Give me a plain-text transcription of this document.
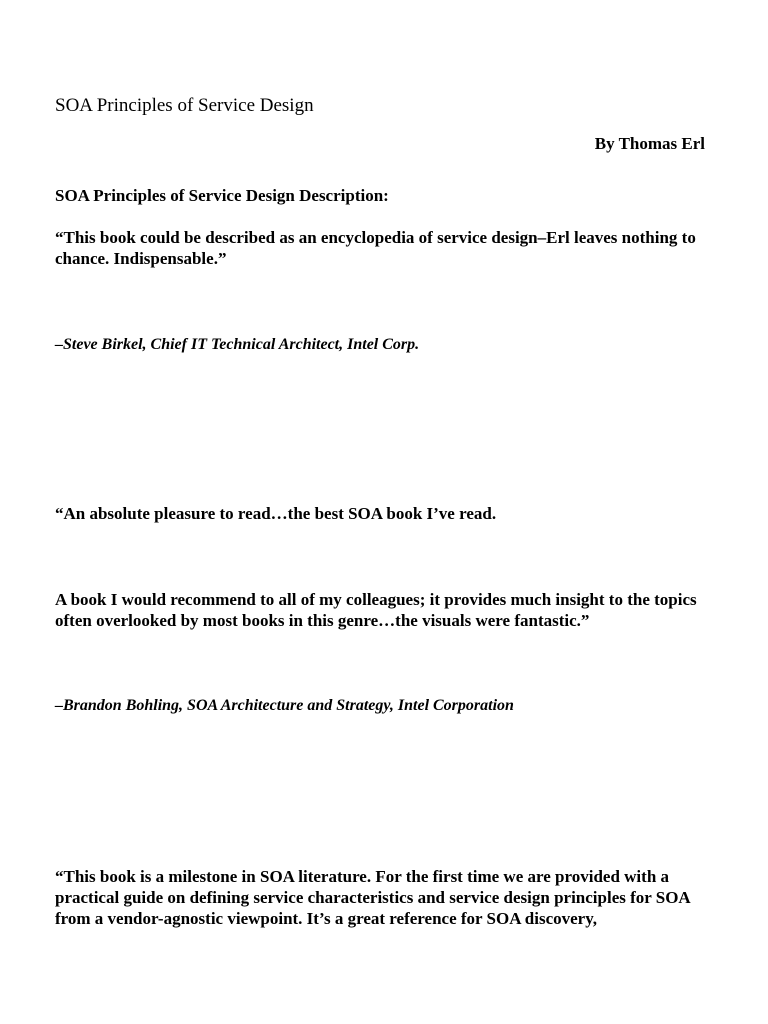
SOA Principles of Service Design

By Thomas Erl

SOA Principles of Service Design Description:

“This book could be described as an encyclopedia of service design–Erl leaves nothing to chance. Indispensable.”

–Steve Birkel, Chief IT Technical Architect, Intel Corp.

“An absolute pleasure to read…the best SOA book I’ve read.

A book I would recommend to all of my colleagues; it provides much insight to the topics often overlooked by most books in this genre…the visuals were fantastic.”

–Brandon Bohling, SOA Architecture and Strategy, Intel Corporation

“This book is a milestone in SOA literature. For the first time we are provided with a practical guide on defining service characteristics and service design principles for SOA from a vendor-agnostic viewpoint. It’s a great reference for SOA discovery,
